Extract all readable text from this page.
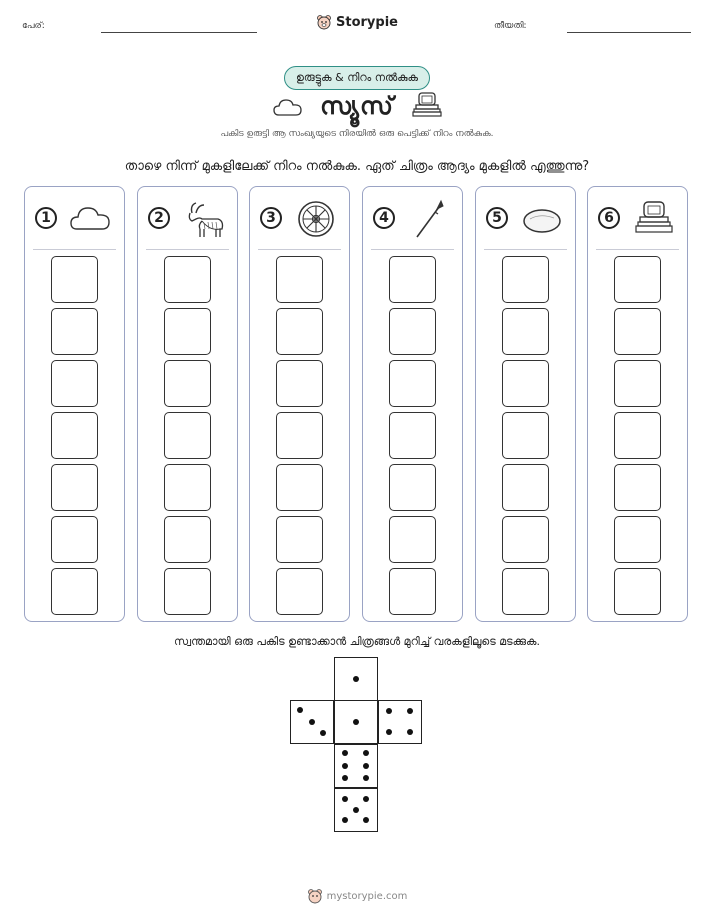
പേര്:	Storypie	തീയതി:
ഉരുട്ടുക & നിറം നൽകുക
സ്യൂസ്
പകിട ഉരുട്ടി ആ സംഖ്യയുടെ നിരയിൽ ഒരു പെട്ടിക്ക് നിറം നൽകുക.
താഴെ നിന്ന് മുകളിലേക്ക് നിറം നൽകുക. ഏത് ചിത്രം ആദ്യം മുകളിൽ എത്തുന്നു?
1	2	3	4	5	6
സ്വന്തമായി ഒരു പകിട ഉണ്ടാക്കാൻ ചിത്രങ്ങൾ മുറിച്ച് വരകളിലൂടെ മടക്കുക.
mystorypie.com
